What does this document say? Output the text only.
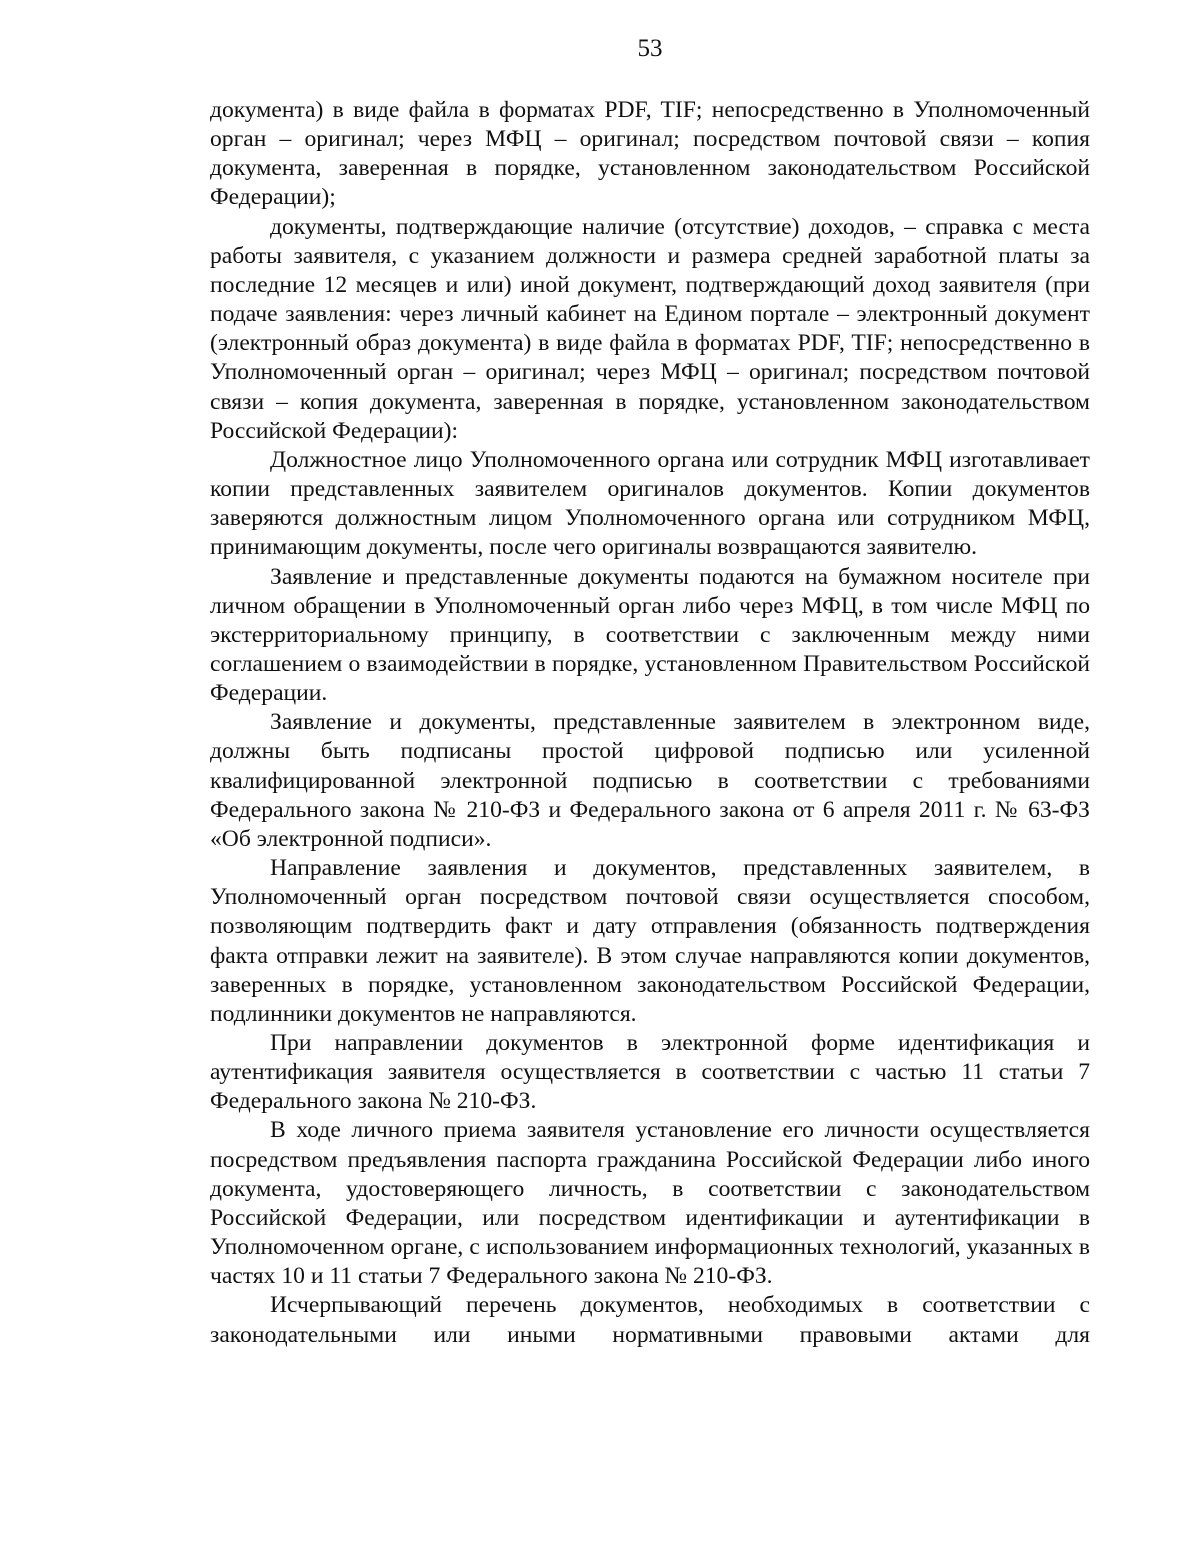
53

документа) в виде файла в форматах PDF, TIF; непосредственно в Уполномоченный орган – оригинал; через МФЦ – оригинал; посредством почтовой связи – копия документа, заверенная в порядке, установленном законодательством Российской Федерации);

документы, подтверждающие наличие (отсутствие) доходов, – справка с места работы заявителя, с указанием должности и размера средней заработной платы за последние 12 месяцев и или) иной документ, подтверждающий доход заявителя (при подаче заявления: через личный кабинет на Едином портале – электронный документ (электронный образ документа) в виде файла в форматах PDF, TIF; непосредственно в Уполномоченный орган – оригинал; через МФЦ – оригинал; посредством почтовой связи – копия документа, заверенная в порядке, установленном законодательством Российской Федерации):

Должностное лицо Уполномоченного органа или сотрудник МФЦ изготавливает копии представленных заявителем оригиналов документов. Копии документов заверяются должностным лицом Уполномоченного органа или сотрудником МФЦ, принимающим документы, после чего оригиналы возвращаются заявителю.

Заявление и представленные документы подаются на бумажном носителе при личном обращении в Уполномоченный орган либо через МФЦ, в том числе МФЦ по экстерриториальному принципу, в соответствии с заключенным между ними соглашением о взаимодействии в порядке, установленном Правительством Российской Федерации.

Заявление и документы, представленные заявителем в электронном виде, должны быть подписаны простой цифровой подписью или усиленной квалифицированной электронной подписью в соответствии с требованиями Федерального закона № 210-ФЗ и Федерального закона от 6 апреля 2011 г. № 63-ФЗ «Об электронной подписи».

Направление заявления и документов, представленных заявителем, в Уполномоченный орган посредством почтовой связи осуществляется способом, позволяющим подтвердить факт и дату отправления (обязанность подтверждения факта отправки лежит на заявителе). В этом случае направляются копии документов, заверенных в порядке, установленном законодательством Российской Федерации, подлинники документов не направляются.

При направлении документов в электронной форме идентификация и аутентификация заявителя осуществляется в соответствии с частью 11 статьи 7 Федерального закона № 210-ФЗ.

В ходе личного приема заявителя установление его личности осуществляется посредством предъявления паспорта гражданина Российской Федерации либо иного документа, удостоверяющего личность, в соответствии с законодательством Российской Федерации, или посредством идентификации и аутентификации в Уполномоченном органе, с использованием информационных технологий, указанных в частях 10 и 11 статьи 7 Федерального закона № 210-ФЗ.

Исчерпывающий перечень документов, необходимых в соответствии с законодательными или иными нормативными правовыми актами для
